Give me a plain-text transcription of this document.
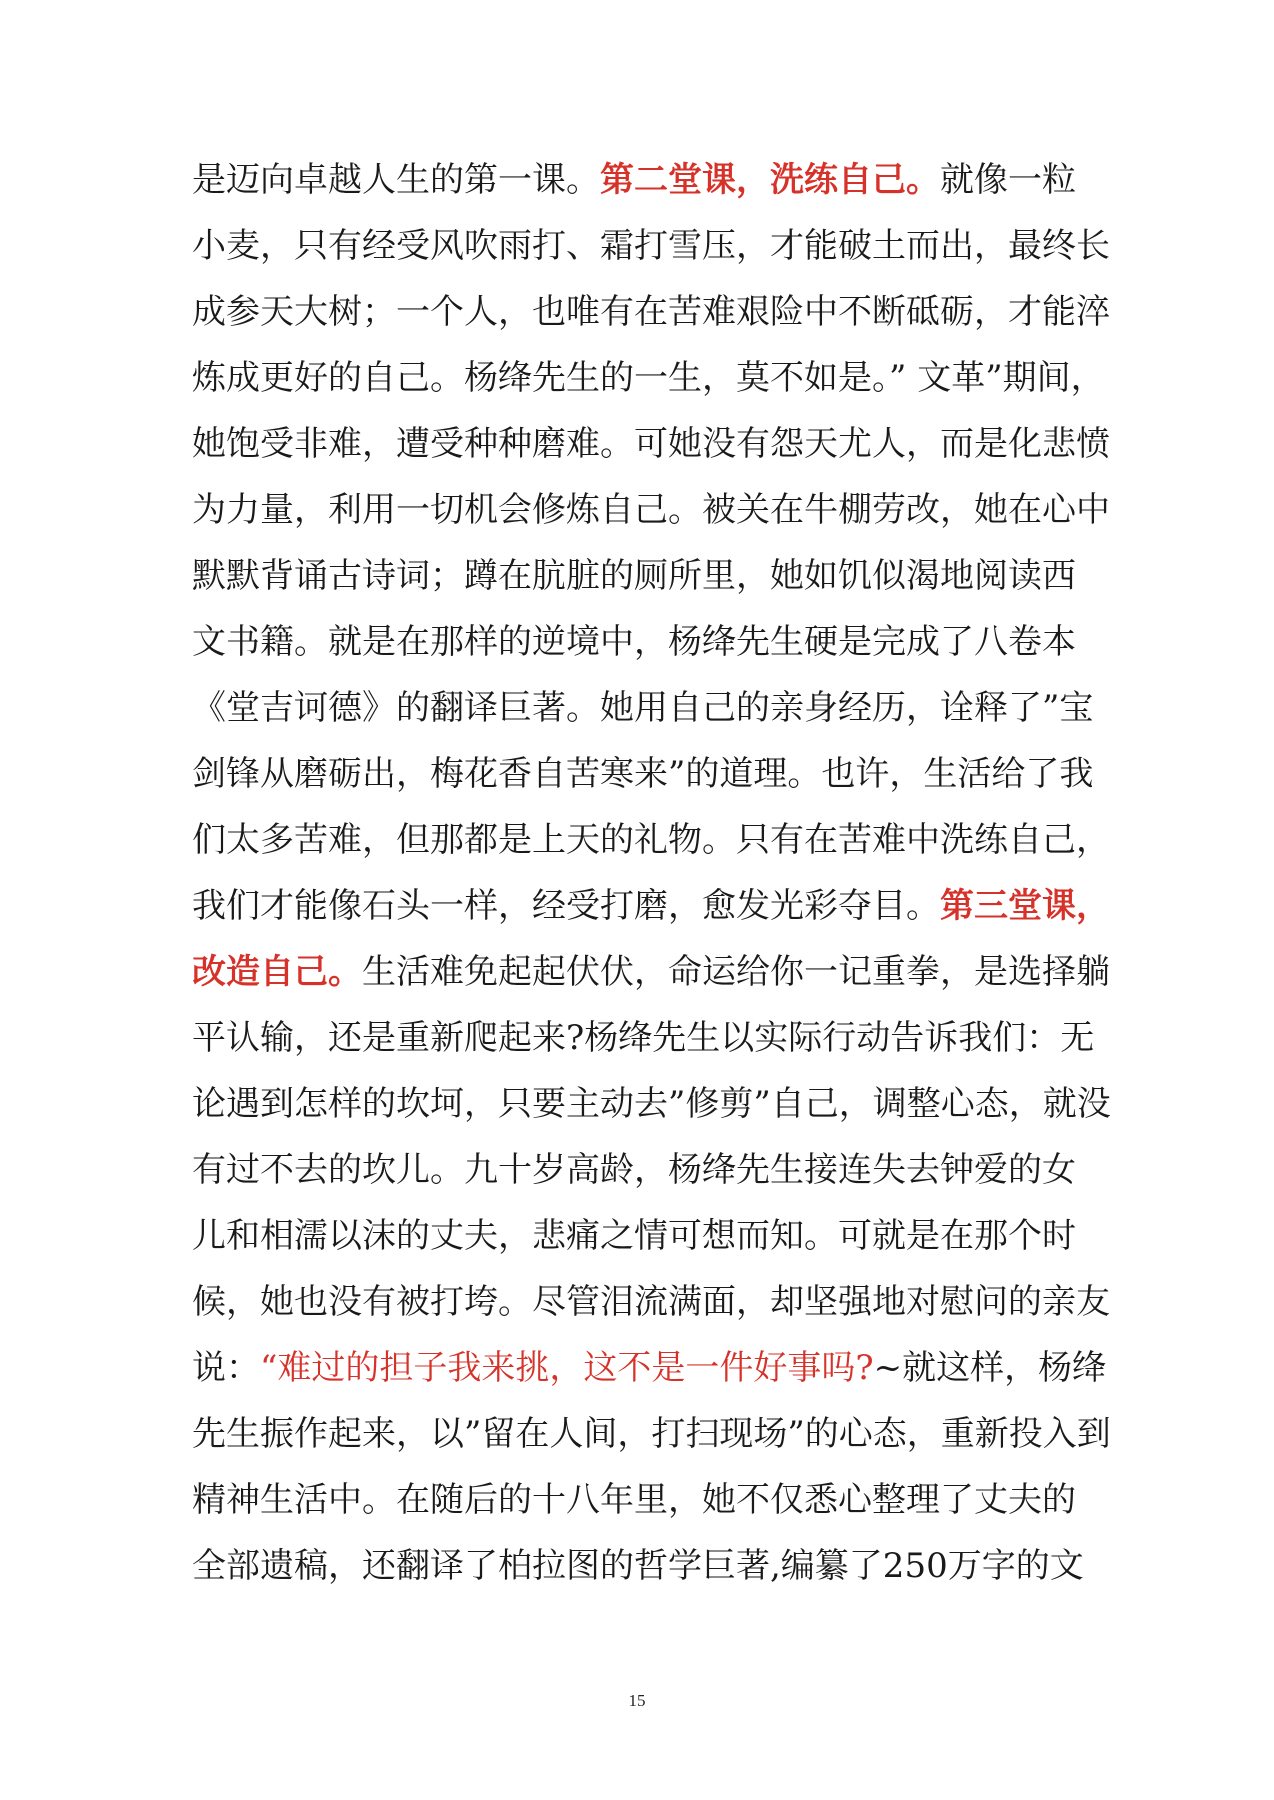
是迈向卓越人生的第一课。第二堂课，洗练自己。就像一粒
小麦，只有经受风吹雨打、霜打雪压，才能破土而出，最终长
成参天大树；一个人，也唯有在苦难艰险中不断砥砺，才能淬
炼成更好的自己。杨绛先生的一生，莫不如是。” 文革”期间，
她饱受非难，遭受种种磨难。可她没有怨天尤人，而是化悲愤
为力量，利用一切机会修炼自己。被关在牛棚劳改，她在心中
默默背诵古诗词；蹲在肮脏的厕所里，她如饥似渴地阅读西
文书籍。就是在那样的逆境中，杨绛先生硬是完成了八卷本
《堂吉诃德》的翻译巨著。她用自己的亲身经历，诠释了”宝
剑锋从磨砺出，梅花香自苦寒来”的道理。也许，生活给了我
们太多苦难，但那都是上天的礼物。只有在苦难中洗练自己，
我们才能像石头一样，经受打磨，愈发光彩夺目。第三堂课，
改造自己。生活难免起起伏伏，命运给你一记重拳，是选择躺
平认输，还是重新爬起来?杨绛先生以实际行动告诉我们：无
论遇到怎样的坎坷，只要主动去”修剪”自己，调整心态，就没
有过不去的坎儿。九十岁高龄，杨绛先生接连失去钟爱的女
儿和相濡以沫的丈夫，悲痛之情可想而知。可就是在那个时
候，她也没有被打垮。尽管泪流满面，却坚强地对慰问的亲友
说：“难过的担子我来挑，这不是一件好事吗?~就这样，杨绛
先生振作起来，以”留在人间，打扫现场”的心态，重新投入到
精神生活中。在随后的十八年里，她不仅悉心整理了丈夫的
全部遗稿，还翻译了柏拉图的哲学巨著,编纂了250万字的文
15
